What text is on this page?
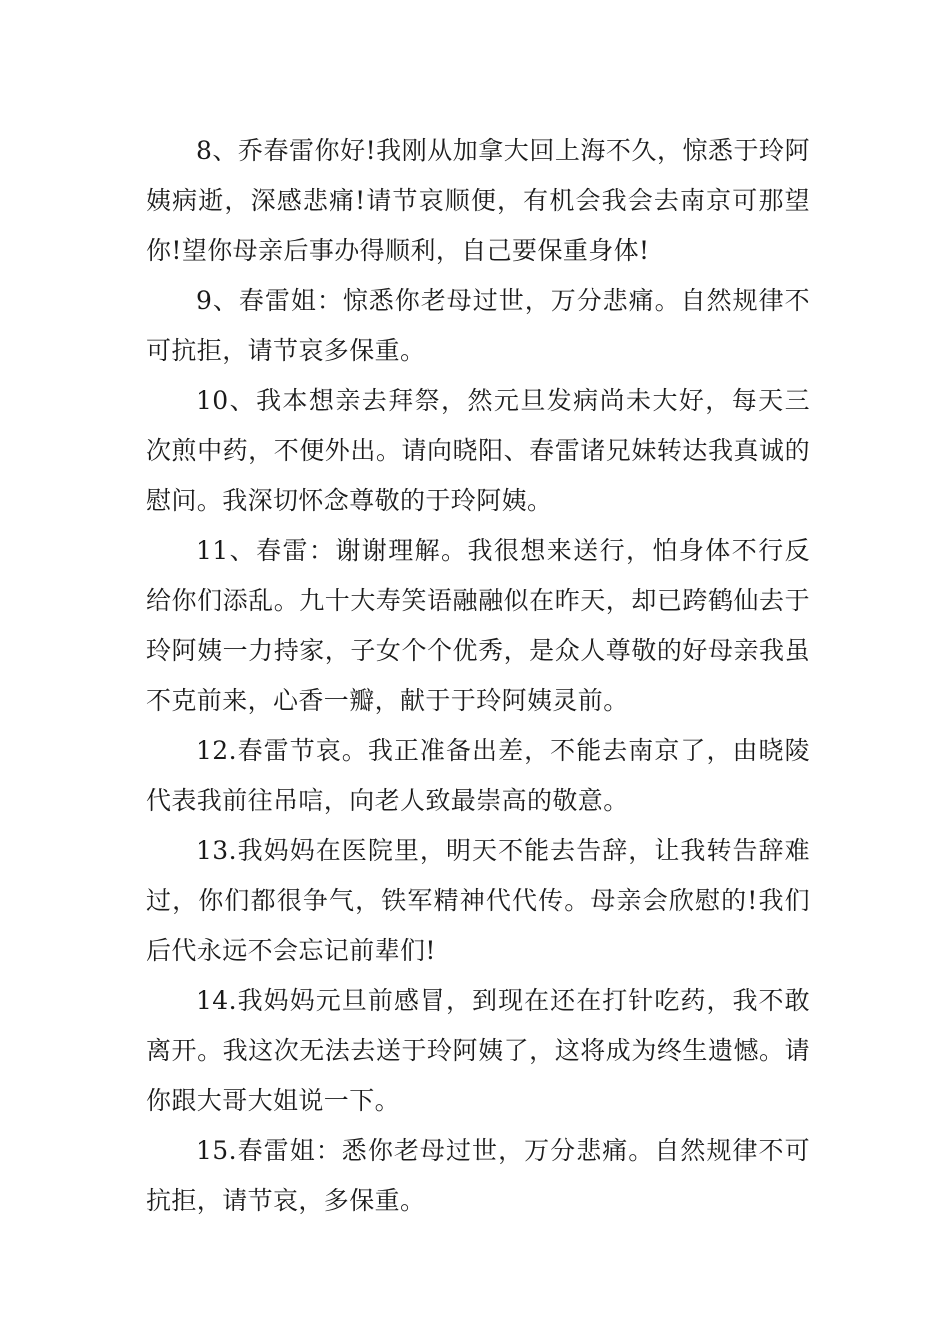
8、乔春雷你好!我刚从加拿大回上海不久，惊悉于玲阿姨病逝，深感悲痛!请节哀顺便，有机会我会去南京可那望你!望你母亲后事办得顺利，自己要保重身体!

9、春雷姐：惊悉你老母过世，万分悲痛。自然规律不可抗拒，请节哀多保重。

10、我本想亲去拜祭，然元旦发病尚未大好，每天三次煎中药，不便外出。请向晓阳、春雷诸兄妹转达我真诚的慰问。我深切怀念尊敬的于玲阿姨。

11、春雷：谢谢理解。我很想来送行，怕身体不行反给你们添乱。九十大寿笑语融融似在昨天，却已跨鹤仙去于玲阿姨一力持家，子女个个优秀，是众人尊敬的好母亲我虽不克前来，心香一瓣，献于于玲阿姨灵前。

12.春雷节哀。我正准备出差，不能去南京了，由晓陵代表我前往吊唁，向老人致最崇高的敬意。

13.我妈妈在医院里，明天不能去告辞，让我转告辞难过，你们都很争气，铁军精神代代传。母亲会欣慰的!我们后代永远不会忘记前辈们!

14.我妈妈元旦前感冒，到现在还在打针吃药，我不敢离开。我这次无法去送于玲阿姨了，这将成为终生遗憾。请你跟大哥大姐说一下。

15.春雷姐：悉你老母过世，万分悲痛。自然规律不可抗拒，请节哀，多保重。
